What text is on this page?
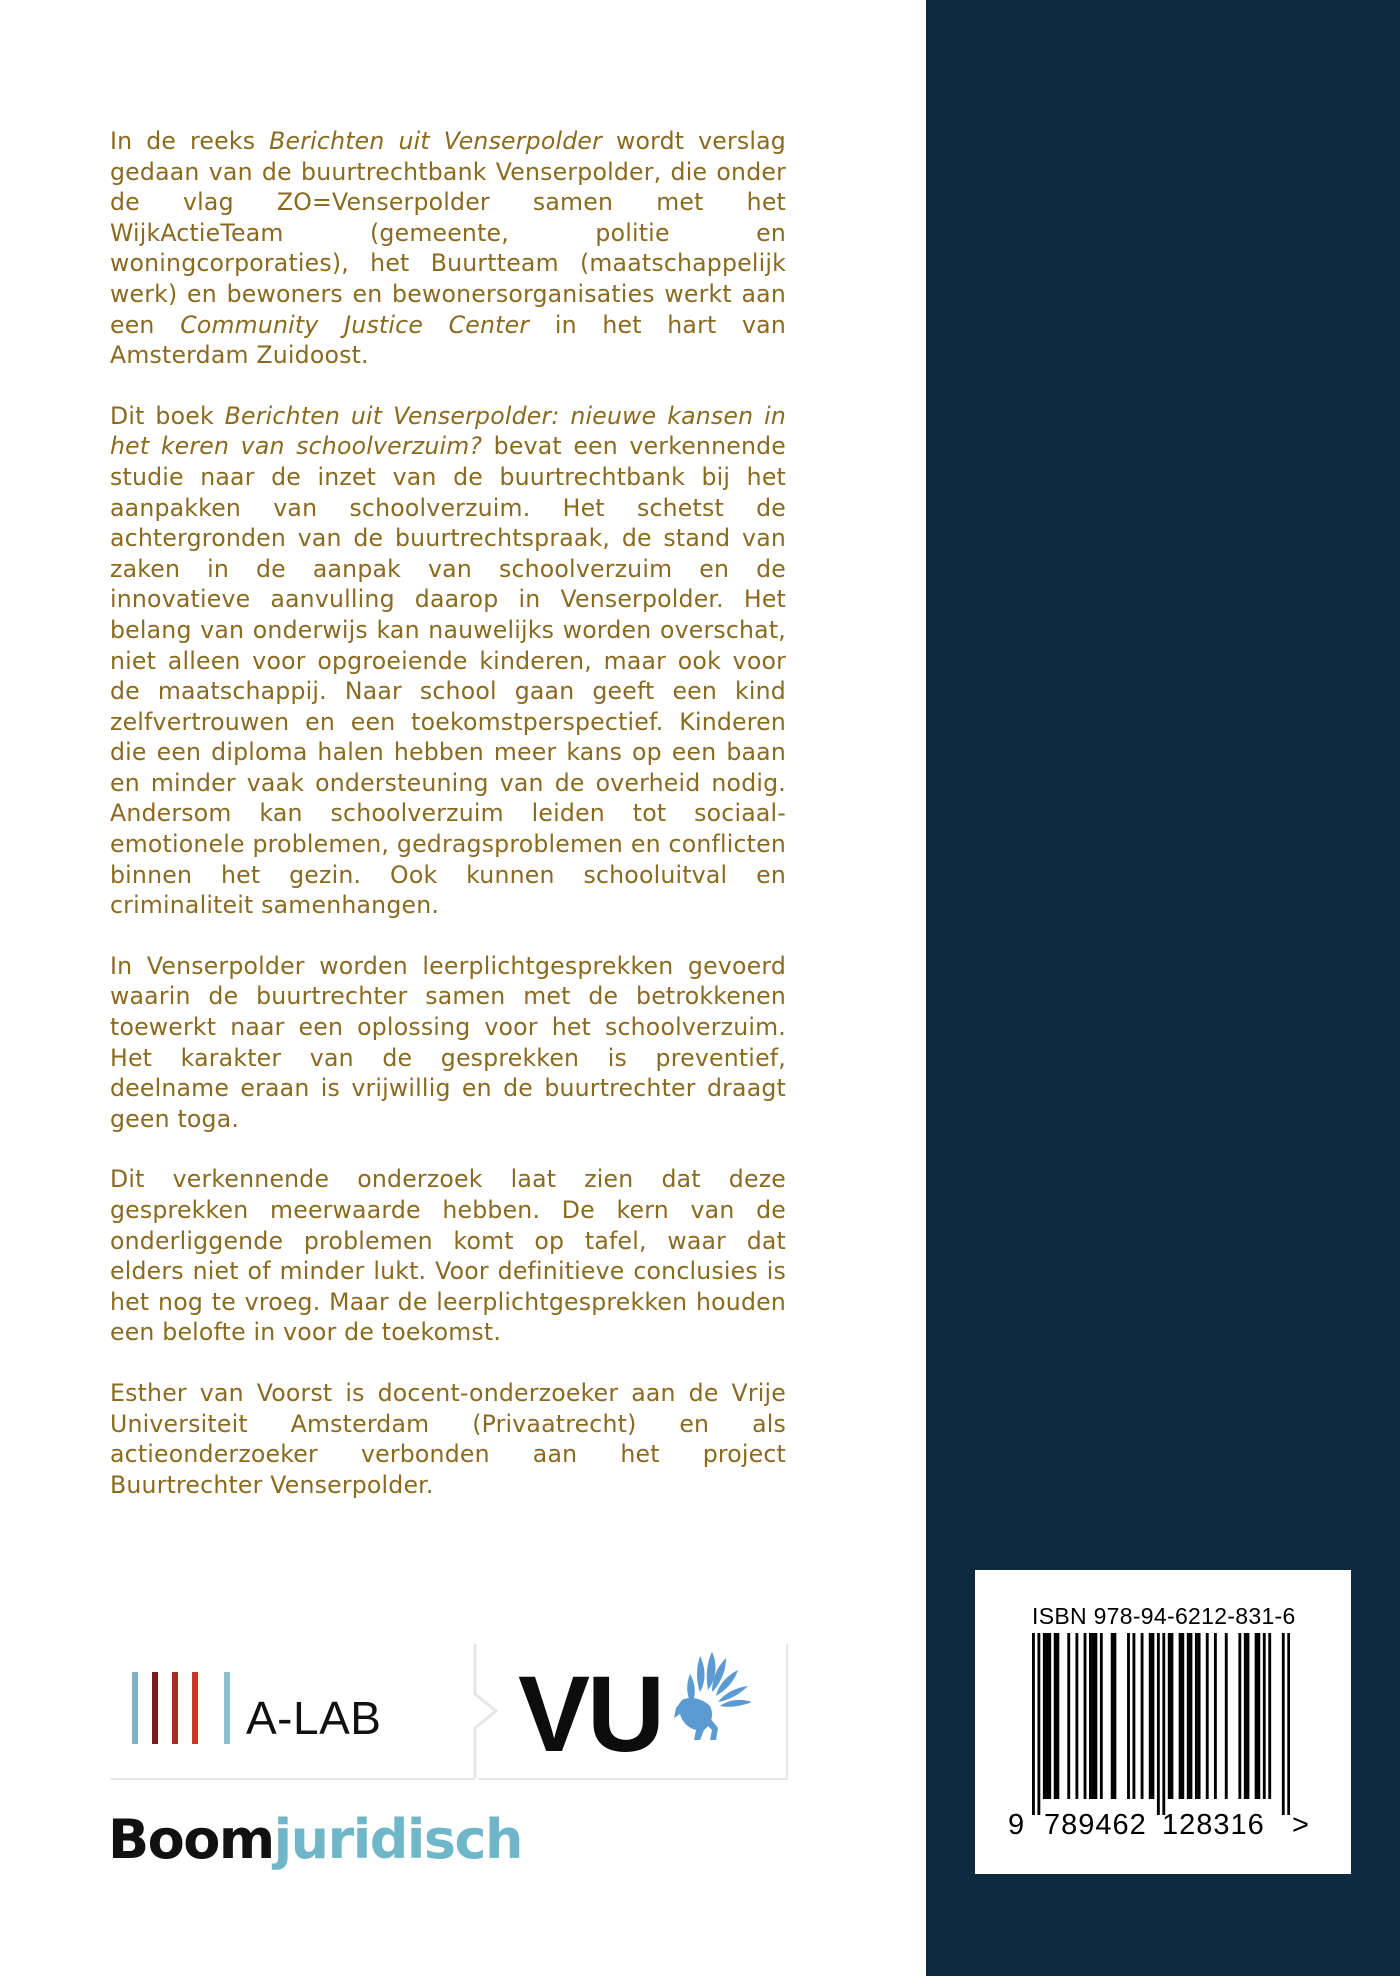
In de reeks Berichten uit Venserpolder wordt verslag gedaan van de buurtrechtbank Venserpolder, die onder de vlag ZO=Venserpolder samen met het WijkActieTeam (gemeente, politie en woningcorporaties), het Buurtteam (maatschappelijk werk) en bewoners en bewonersorganisaties werkt aan een Community Justice Center in het hart van Amsterdam Zuidoost.

Dit boek Berichten uit Venserpolder: nieuwe kansen in het keren van schoolverzuim? bevat een verkennende studie naar de inzet van de buurtrechtbank bij het aanpakken van schoolverzuim. Het schetst de achtergronden van de buurtrechtspraak, de stand van zaken in de aanpak van schoolverzuim en de innovatieve aanvulling daarop in Venserpolder. Het belang van onderwijs kan nauwelijks worden overschat, niet alleen voor opgroeiende kinderen, maar ook voor de maatschappij. Naar school gaan geeft een kind zelfvertrouwen en een toekomstperspectief. Kinderen die een diploma halen hebben meer kans op een baan en minder vaak ondersteuning van de overheid nodig. Andersom kan schoolverzuim leiden tot sociaal-emotionele problemen, gedragsproblemen en conflicten binnen het gezin. Ook kunnen schooluitval en criminaliteit samenhangen.

In Venserpolder worden leerplichtgesprekken gevoerd waarin de buurtrechter samen met de betrokkenen toewerkt naar een oplossing voor het schoolverzuim. Het karakter van de gesprekken is preventief, deelname eraan is vrijwillig en de buurtrechter draagt geen toga.

Dit verkennende onderzoek laat zien dat deze gesprekken meerwaarde hebben. De kern van de onderliggende problemen komt op tafel, waar dat elders niet of minder lukt. Voor definitieve conclusies is het nog te vroeg. Maar de leerplichtgesprekken houden een belofte in voor de toekomst.

Esther van Voorst is docent-onderzoeker aan de Vrije Universiteit Amsterdam (Privaatrecht) en als actieonderzoeker verbonden aan het project Buurtrechter Venserpolder.

A-LAB VU
Boomjuridisch
ISBN 978-94-6212-831-6
9 789462 128316 >
